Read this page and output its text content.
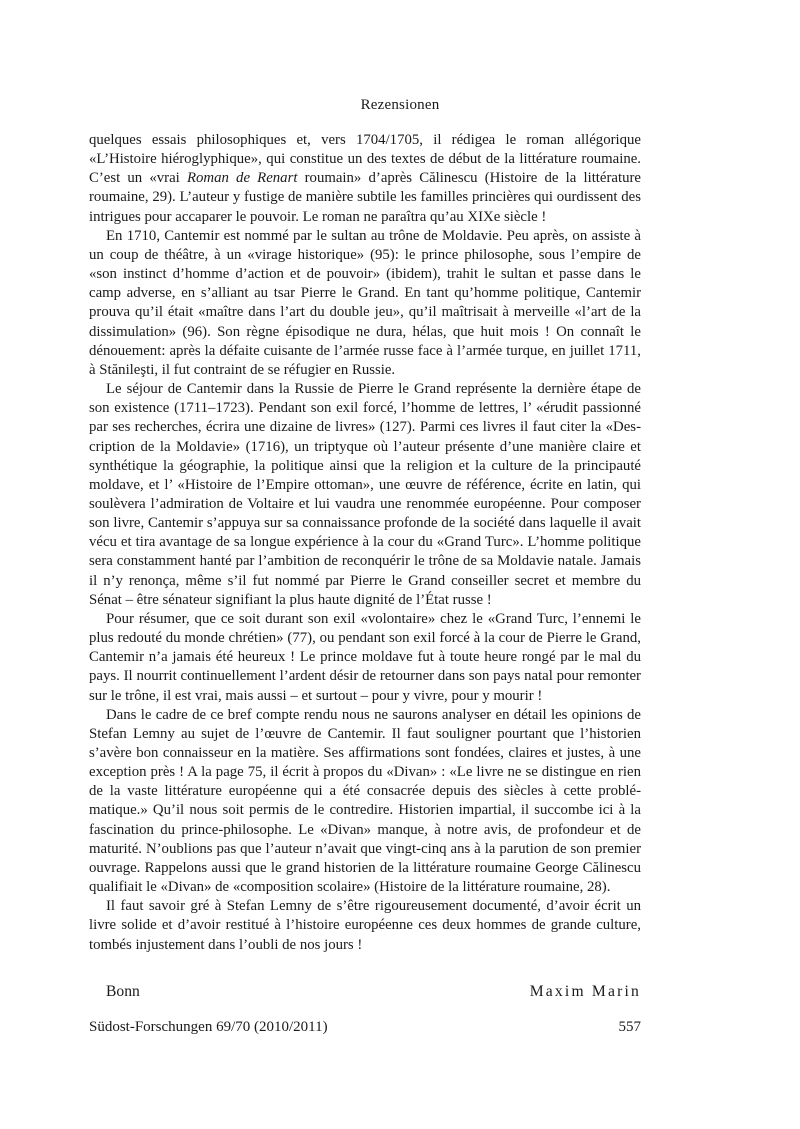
Rezensionen

quelques essais philosophiques et, vers 1704/1705, il rédigea le roman allégorique «L’Histoire hiéroglyphique», qui constitue un des textes de début de la littérature roumaine. C’est un «vrai Roman de Renart roumain» d’après Călinescu (Histoire de la littérature roumaine, 29). L’auteur y fustige de manière subtile les familles princières qui ourdissent des intrigues pour accaparer le pouvoir. Le roman ne paraîtra qu’au XIXe siècle !

En 1710, Cantemir est nommé par le sultan au trône de Moldavie. Peu après, on assiste à un coup de théâtre, à un «virage historique» (95): le prince philosophe, sous l’empire de «son instinct d’homme d’action et de pouvoir» (ibidem), trahit le sultan et passe dans le camp adverse, en s’alliant au tsar Pierre le Grand. En tant qu’homme politique, Cantemir prouva qu’il était «maître dans l’art du double jeu», qu’il maîtrisait à merveille «l’art de la dissimulation» (96). Son règne épisodique ne dura, hélas, que huit mois ! On connaît le dénouement: après la défaite cuisante de l’armée russe face à l’armée turque, en juillet 1711, à Stănileşti, il fut contraint de se réfugier en Russie.

Le séjour de Cantemir dans la Russie de Pierre le Grand représente la dernière étape de son existence (1711–1723). Pendant son exil forcé, l’homme de lettres, l’ «érudit passionné par ses recherches, écrira une dizaine de livres» (127). Parmi ces livres il faut citer la «Description de la Moldavie» (1716), un triptyque où l’auteur présente d’une manière claire et synthétique la géographie, la politique ainsi que la religion et la culture de la principauté moldave, et l’ «Histoire de l’Empire ottoman», une œuvre de référence, écrite en latin, qui soulèvera l’admiration de Voltaire et lui vaudra une renommée européenne. Pour composer son livre, Cantemir s’appuya sur sa connaissance profonde de la société dans laquelle il avait vécu et tira avantage de sa longue expérience à la cour du «Grand Turc». L’homme politique sera constamment hanté par l’ambition de reconquérir le trône de sa Moldavie natale. Jamais il n’y renonça, même s’il fut nommé par Pierre le Grand conseiller secret et membre du Sénat – être sénateur signifiant la plus haute dignité de l’État russe !

Pour résumer, que ce soit durant son exil «volontaire» chez le «Grand Turc, l’ennemi le plus redouté du monde chrétien» (77), ou pendant son exil forcé à la cour de Pierre le Grand, Cantemir n’a jamais été heureux ! Le prince moldave fut à toute heure rongé par le mal du pays. Il nourrit continuellement l’ardent désir de retourner dans son pays natal pour remonter sur le trône, il est vrai, mais aussi – et surtout – pour y vivre, pour y mourir !

Dans le cadre de ce bref compte rendu nous ne saurons analyser en détail les opinions de Stefan Lemny au sujet de l’œuvre de Cantemir. Il faut souligner pourtant que l’historien s’avère bon connaisseur en la matière. Ses affirmations sont fondées, claires et justes, à une exception près ! A la page 75, il écrit à propos du «Divan» : «Le livre ne se distingue en rien de la vaste littérature européenne qui a été consacrée depuis des siècles à cette problématique.» Qu’il nous soit permis de le contredire. Historien impartial, il succombe ici à la fascination du prince-philosophe. Le «Divan» manque, à notre avis, de profondeur et de maturité. N’oublions pas que l’auteur n’avait que vingt-cinq ans à la parution de son premier ouvrage. Rappelons aussi que le grand historien de la littérature roumaine George Călinescu qualifiait le «Divan» de «composition scolaire» (Histoire de la littérature roumaine, 28).

Il faut savoir gré à Stefan Lemny de s’être rigoureusement documenté, d’avoir écrit un livre solide et d’avoir restitué à l’histoire européenne ces deux hommes de grande culture, tombés injustement dans l’oubli de nos jours !

Bonn	Maxim Marin
Südost-Forschungen 69/70 (2010/2011)	557
